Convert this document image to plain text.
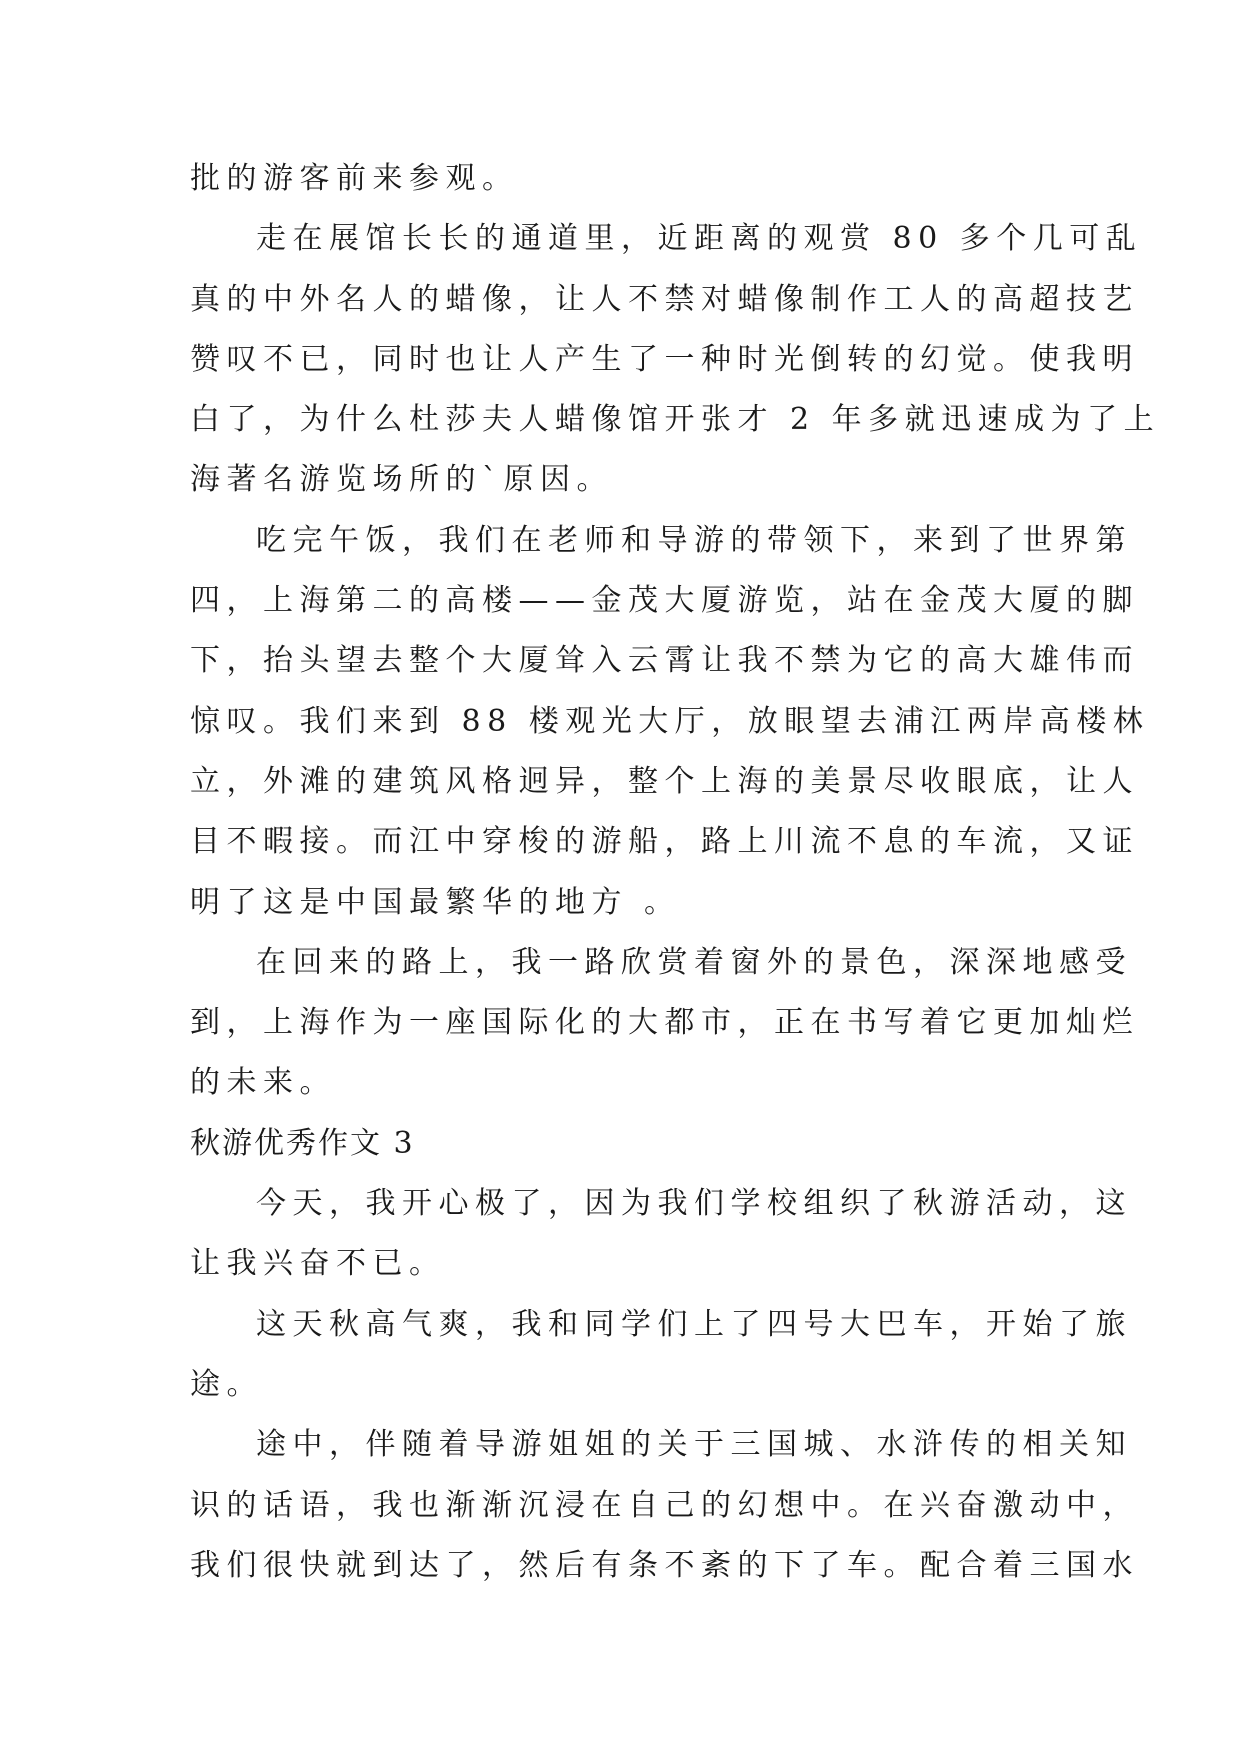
批的游客前来参观。
走在展馆长长的通道里，近距离的观赏 80 多个几可乱
真的中外名人的蜡像，让人不禁对蜡像制作工人的高超技艺
赞叹不已，同时也让人产生了一种时光倒转的幻觉。使我明
白了，为什么杜莎夫人蜡像馆开张才 2 年多就迅速成为了上
海著名游览场所的`原因。
吃完午饭，我们在老师和导游的带领下，来到了世界第
四，上海第二的高楼——金茂大厦游览，站在金茂大厦的脚
下，抬头望去整个大厦耸入云霄让我不禁为它的高大雄伟而
惊叹。我们来到 88 楼观光大厅，放眼望去浦江两岸高楼林
立，外滩的建筑风格迥异，整个上海的美景尽收眼底，让人
目不暇接。而江中穿梭的游船，路上川流不息的车流，又证
明了这是中国最繁华的地方 。
在回来的路上，我一路欣赏着窗外的景色，深深地感受
到，上海作为一座国际化的大都市，正在书写着它更加灿烂
的未来。
秋游优秀作文 3
今天，我开心极了，因为我们学校组织了秋游活动，这
让我兴奋不已。
这天秋高气爽，我和同学们上了四号大巴车，开始了旅
途。
途中，伴随着导游姐姐的关于三国城、水浒传的相关知
识的话语，我也渐渐沉浸在自己的幻想中。在兴奋激动中，
我们很快就到达了，然后有条不紊的下了车。配合着三国水
